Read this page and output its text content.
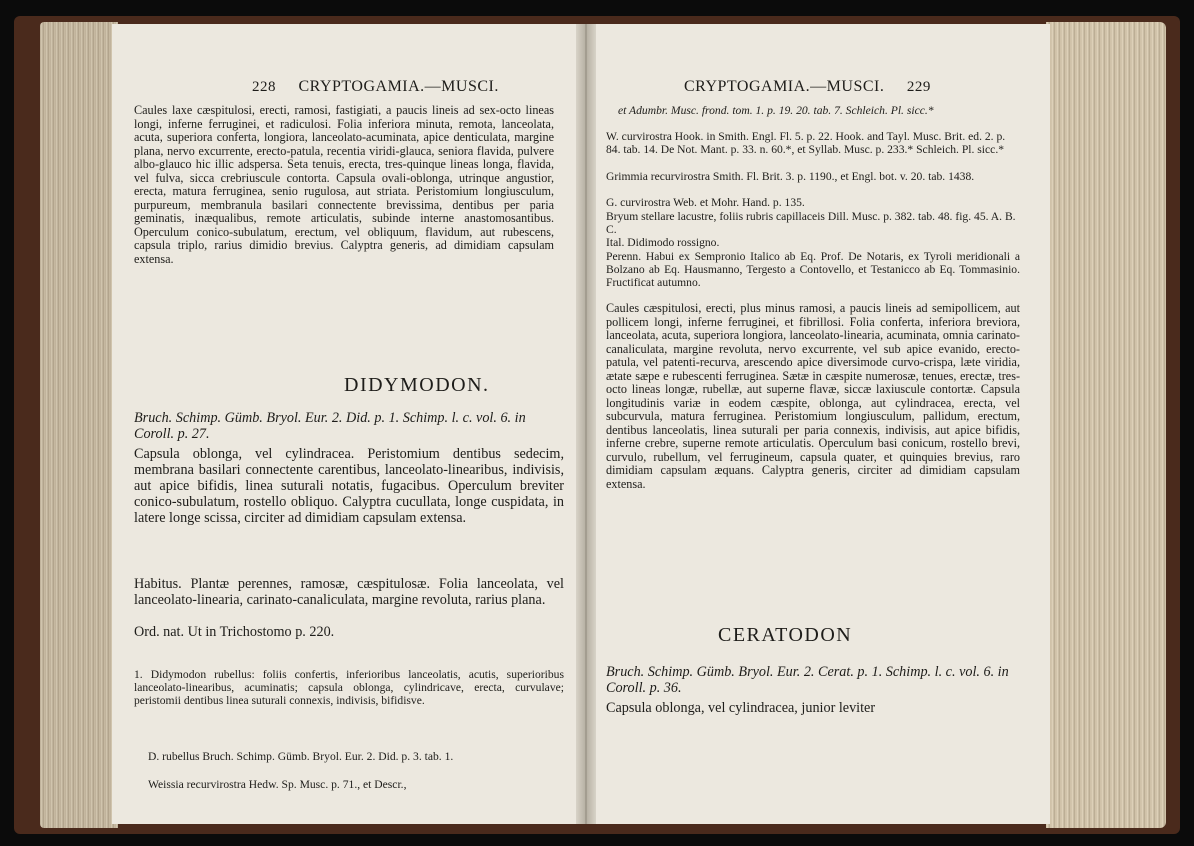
228 CRYPTOGAMIA.—MUSCI.

Caules laxe cæspitulosi, erecti, ramosi, fastigiati, a paucis lineis ad sex-octo lineas longi, inferne ferruginei, et radiculosi. Folia inferiora minuta, remota, lanceolata, acuta, superiora conferta, longiora, lanceolato-acuminata, apice denticulata, margine plana, nervo excurrente, erecto-patula, recentia viridi-glauca, seniora flavida, pulvere albo-glauco hic illic adspersa. Seta tenuis, erecta, tres-quinque lineas longa, flavida, vel fulva, sicca crebriuscule contorta. Capsula ovali-oblonga, utrinque angustior, erecta, matura ferruginea, senio rugulosa, aut striata. Peristomium longiusculum, purpureum, membranula basilari connectente brevissima, dentibus per paria geminatis, inæqualibus, remote articulatis, subinde interne anastomosantibus. Operculum conico-subulatum, erectum, vel obliquum, flavidum, aut rubescens, capsula triplo, rarius dimidio brevius. Calyptra generis, ad dimidiam capsulam extensa.

DIDYMODON.
Bruch. Schimp. Gümb. Bryol. Eur. 2. Did. p. 1. Schimp. l. c. vol. 6. in Coroll. p. 27.
Capsula oblonga, vel cylindracea. Peristomium dentibus sedecim, membrana basilari connectente carentibus, lanceolato-linearibus, indivisis, aut apice bifidis, linea suturali notatis, fugacibus. Operculum breviter conico-subulatum, rostello obliquo. Calyptra cucullata, longe cuspidata, in latere longe scissa, circiter ad dimidiam capsulam extensa.
Habitus. Plantæ perennes, ramosæ, cæspitulosæ. Folia lanceolata, vel lanceolato-linearia, carinato-canaliculata, margine revoluta, rarius plana.
Ord. nat. Ut in Trichostomo p. 220.
1. Didymodon rubellus: foliis confertis, inferioribus lanceolatis, acutis, superioribus lanceolato-linearibus, acuminatis; capsula oblonga, cylindricave, erecta, curvulave; peristomii dentibus linea suturali connexis, indivisis, bifidisve.
D. rubellus Bruch. Schimp. Gümb. Bryol. Eur. 2. Did. p. 3. tab. 1.
Weissia recurvirostra Hedw. Sp. Musc. p. 71., et Descr.,
CRYPTOGAMIA.—MUSCI. 229
et Adumbr. Musc. frond. tom. 1. p. 19. 20. tab. 7. Schleich. Pl. sicc.*
W. curvirostra Hook. in Smith. Engl. Fl. 5. p. 22. Hook. and Tayl. Musc. Brit. ed. 2. p. 84. tab. 14. De Not. Mant. p. 33. n. 60.*, et Syllab. Musc. p. 233.* Schleich. Pl. sicc.*
Grimmia recurvirostra Smith. Fl. Brit. 3. p. 1190., et Engl. bot. v. 20. tab. 1438.
G. curvirostra Web. et Mohr. Hand. p. 135.
Bryum stellare lacustre, foliis rubris capillaceis Dill. Musc. p. 382. tab. 48. fig. 45. A. B. C.
Ital. Didimodo rossigno.
Perenn. Habui ex Sempronio Italico ab Eq. Prof. De Notaris, ex Tyroli meridionali a Bolzano ab Eq. Hausmanno, Tergesto a Contovello, et Testanicco ab Eq. Tommasinio. Fructificat autumno.
Caules cæspitulosi, erecti, plus minus ramosi, a paucis lineis ad semipollicem, aut pollicem longi, inferne ferruginei, et fibrillosi. Folia conferta, inferiora breviora, lanceolata, acuta, superiora longiora, lanceolato-linearia, acuminata, omnia carinato-canaliculata, margine revoluta, nervo excurrente, vel sub apice evanido, erecto-patula, vel patenti-recurva, arescendo apice diversimode curvo-crispa, læte viridia, ætate sæpe e rubescenti ferruginea. Sætæ in cæspite numerosæ, tenues, erectæ, tres-octo lineas longæ, rubellæ, aut superne flavæ, siccæ laxiuscule contortæ. Capsula longitudinis variæ in eodem cæspite, oblonga, aut cylindracea, erecta, vel subcurvula, matura ferruginea. Peristomium longiusculum, pallidum, erectum, dentibus lanceolatis, linea suturali per paria connexis, indivisis, aut apice bifidis, inferne crebre, superne remote articulatis. Operculum basi conicum, rostello brevi, curvulo, rubellum, vel ferrugineum, capsula quater, et quinquies brevius, raro dimidiam capsulam æquans. Calyptra generis, circiter ad dimidiam capsulam extensa.
CERATODON
Bruch. Schimp. Gümb. Bryol. Eur. 2. Cerat. p. 1. Schimp. l. c. vol. 6. in Coroll. p. 36.
Capsula oblonga, vel cylindracea, junior leviter
